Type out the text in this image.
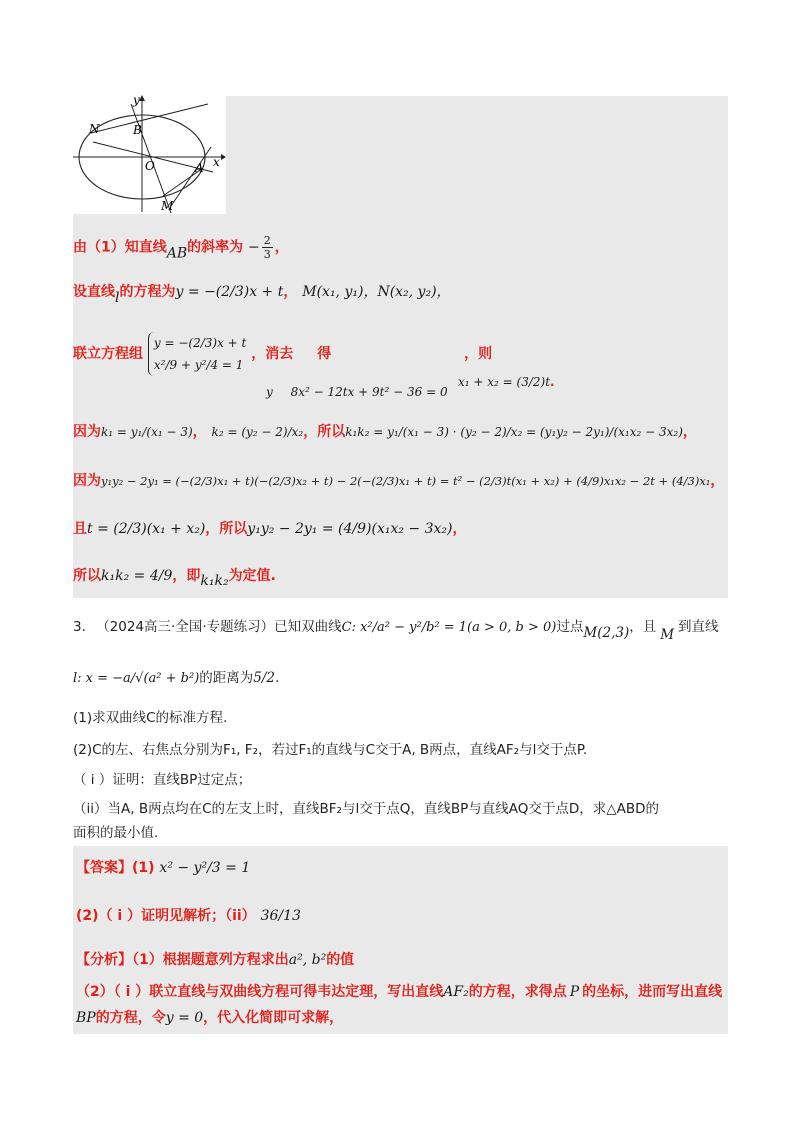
y
N	B
O	x
A
M
由（1）知直线AB的斜率为 − $\frac{2}{3}$ ，
设直线l的方程为y = −(2/3)x + t， M(x₁, y₁)，N(x₂, y₂)，
联立方程组
y = −(2/3)x + t
x²/9 + y²/4 = 1
，消去 得	，则
y 8x² − 12tx + 9t² − 36 = 0
x₁ + x₂ = (3/2)t.
因为k₁ = y₁/(x₁ − 3)， k₂ = (y₂ − 2)/x₂，所以k₁k₂ = y₁/(x₁ − 3) · (y₂ − 2)/x₂ = (y₁y₂ − 2y₁)/(x₁x₂ − 3x₂)，
因为y₁y₂ − 2y₁ = (−(2/3)x₁ + t)(−(2/3)x₂ + t) − 2(−(2/3)x₁ + t) = t² − (2/3)t(x₁ + x₂) + (4/9)x₁x₂ − 2t + (4/3)x₁，
且t = (2/3)(x₁ + x₂)，所以y₁y₂ − 2y₁ = (4/9)(x₁x₂ − 3x₂)，
所以k₁k₂ = 4/9，即k₁k₂为定值.
3. （2024高三·全国·专题练习）已知双曲线C: x²/a² − y²/b² = 1(a > 0, b > 0)过点M(2,3)，且 M 到直线
l: x = −a/√(a² + b²)的距离为5/2.
(1)求双曲线C的标准方程.
(2)C的左、右焦点分别为F₁, F₂，若过F₁的直线与C交于A, B两点，直线AF₂与l交于点P.
（ i ）证明：直线BP过定点；
（ii）当A, B两点均在C的左支上时，直线BF₂与l交于点Q，直线BP与直线AQ交于点D，求△ABD的
面积的最小值.
【答案】(1) x² − y²/3 = 1
(2)（ i ）证明见解析；（ii） 36/13
【分析】（1）根据题意列方程求出a², b²的值
（2）（ i ）联立直线与双曲线方程可得韦达定理，写出直线AF₂的方程，求得点 P 的坐标，进而写出直线
BP的方程，令y = 0，代入化简即可求解，
